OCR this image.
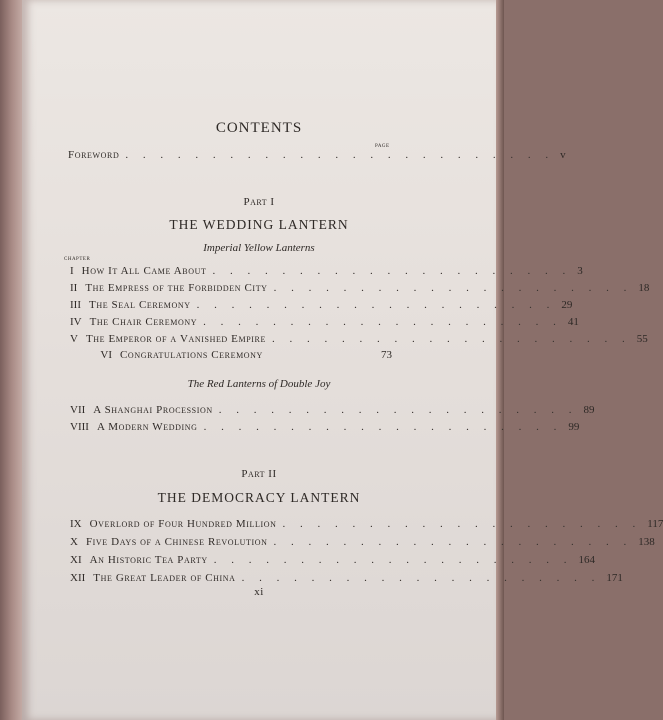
CONTENTS
PAGE
Foreword . . . . . . . . . . . . . . . . . . . . . . . . . v
Part I
THE WEDDING LANTERN
Imperial Yellow Lanterns
CHAPTER
I How It All Came About . . . . . . . . . . . . . . . . . . . . . 3
II The Empress of the Forbidden City . . . . . . . . . . . . . . . . . . . . . 18
III The Seal Ceremony . . . . . . . . . . . . . . . . . . . . . 29
IV The Chair Ceremony . . . . . . . . . . . . . . . . . . . . . 41
V The Emperor of a Vanished Empire . . . . . . . . . . . . . . . . . . . . . 55
VI Congratulations Ceremony	73
The Red Lanterns of Double Joy
VII A Shanghai Procession . . . . . . . . . . . . . . . . . . . . . 89
VIII A Modern Wedding . . . . . . . . . . . . . . . . . . . . . 99
Part II
THE DEMOCRACY LANTERN
IX Overlord of Four Hundred Million . . . . . . . . . . . . . . . . . . . . . 117
X Five Days of a Chinese Revolution . . . . . . . . . . . . . . . . . . . . . 138
XI An Historic Tea Party . . . . . . . . . . . . . . . . . . . . . 164
XII The Great Leader of China . . . . . . . . . . . . . . . . . . . . . 171
xi
